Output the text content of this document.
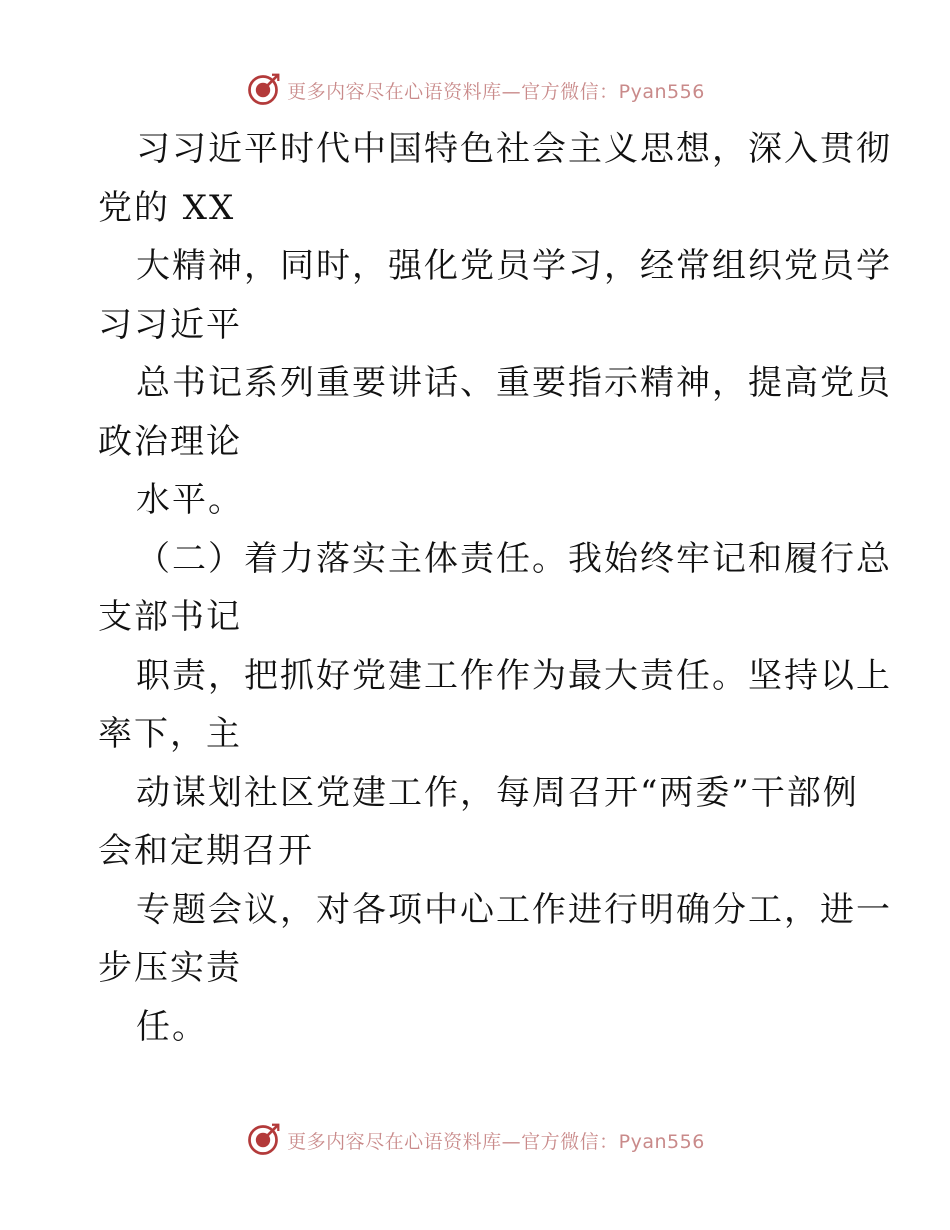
更多内容尽在心语资料库—官方微信：Pyan556
习习近平时代中国特色社会主义思想，深入贯彻
党的 XX
大精神，同时，强化党员学习，经常组织党员学
习习近平
总书记系列重要讲话、重要指示精神，提高党员
政治理论
水平。
（二）着力落实主体责任。我始终牢记和履行总
支部书记
职责，把抓好党建工作作为最大责任。坚持以上
率下，主
动谋划社区党建工作，每周召开“两委”干部例
会和定期召开
专题会议，对各项中心工作进行明确分工，进一
步压实责
任。
更多内容尽在心语资料库—官方微信：Pyan556
